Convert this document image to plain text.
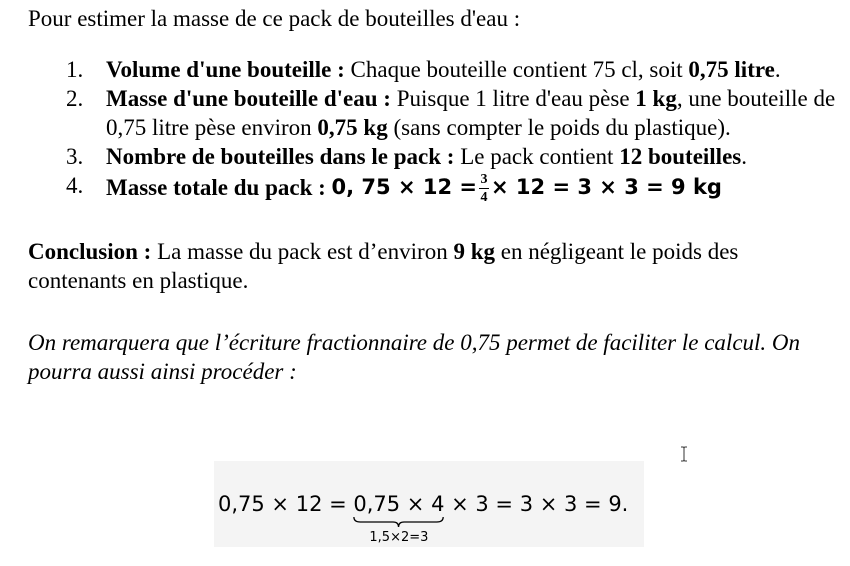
Pour estimer la masse de ce pack de bouteilles d'eau :

1. Volume d'une bouteille : Chaque bouteille contient 75 cl, soit 0,75 litre.
2. Masse d'une bouteille d'eau : Puisque 1 litre d'eau pèse 1 kg, une bouteille de 0,75 litre pèse environ 0,75 kg (sans compter le poids du plastique).
3. Nombre de bouteilles dans le pack : Le pack contient 12 bouteilles.
4. Masse totale du pack :
0, $75 \times 12 = \frac{3}{4} \times 12 = 3 \times 3 = 9$ kg

Conclusion : La masse du pack est d’environ 9 kg en négligeant le poids des contenants en plastique.

On remarquera que l’écriture fractionnaire de 0,75 permet de faciliter le calcul. On pourra aussi ainsi procéder :

0,75 × 12 = 0,75 × 4
1,5×2=3
× 3 = 3 × 3 = 9.
